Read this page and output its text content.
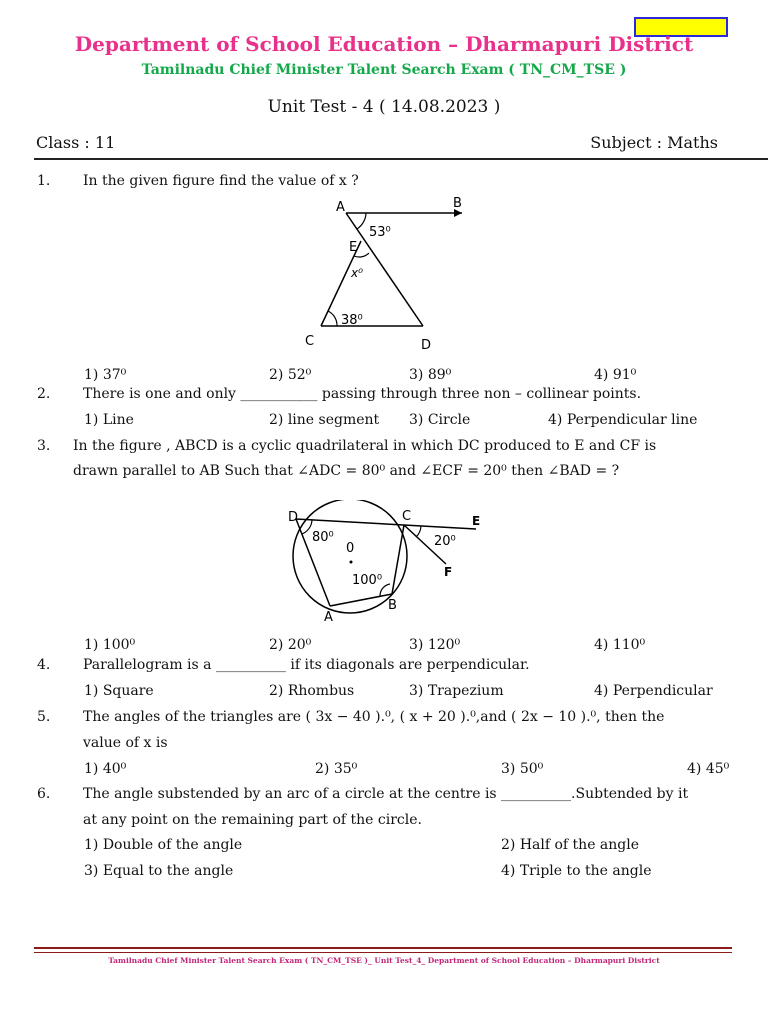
Department of School Education – Dharmapuri District
Tamilnadu Chief Minister Talent Search Exam ( TN_CM_TSE )
Unit Test - 4 ( 14.08.2023 )
Class : 11	Subject : Maths
1. In the given figure find the value of x ?
A	B
E
C	D
53⁰
x⁰
38⁰
1) 37⁰	2) 52⁰	3) 89⁰	4) 91⁰
2. There is one and only ___________ passing through three non – collinear points.
1) Line	2) line segment 3) Circle	4) Perpendicular line
3. In the figure , ABCD is a cyclic quadrilateral in which DC produced to E and CF is
drawn parallel to AB Such that ∠ADC = 80⁰ and ∠ECF = 20⁰ then ∠BAD = ?
D	C	E
F
A
B
0
80⁰	20⁰
100⁰
1) 100⁰	2) 20⁰	3) 120⁰	4) 110⁰
4. Parallelogram is a __________ if its diagonals are perpendicular.
1) Square	2) Rhombus	3) Trapezium	4) Perpendicular
5. The angles of the triangles are ( 3x − 40 ).⁰, ( x + 20 ).⁰,and ( 2x − 10 ).⁰, then the
value of x is
1) 40⁰	2) 35⁰	3) 50⁰	4) 45⁰
6. The angle substended by an arc of a circle at the centre is __________.Subtended by it
at any point on the remaining part of the circle.
1) Double of the angle	2) Half of the angle
3) Equal to the angle	4) Triple to the angle
Tamilnadu Chief Minister Talent Search Exam ( TN_CM_TSE )_ Unit Test_4_ Department of School Education – Dharmapuri District
